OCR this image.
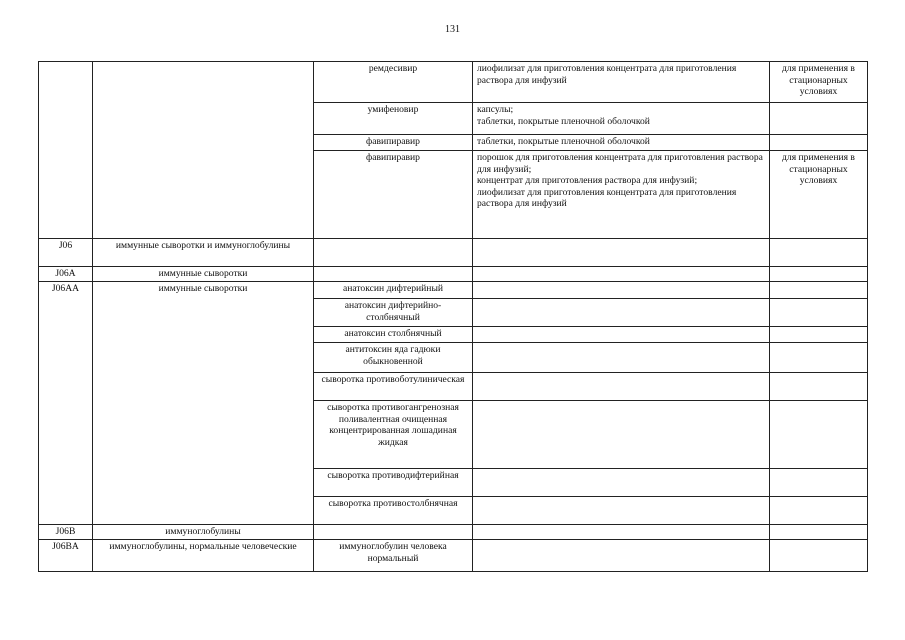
131
		ремдесивир	лиофилизат для приготовления концентрата для приготовления раствора для инфузий	для применения в стационарных условиях
		умифеновир	капсулы;
таблетки, покрытые пленочной оболочкой	

		фавипиравир	таблетки, покрытые пленочной оболочкой	

		фавипиравир	порошок для приготовления концентрата для приготовления раствора для инфузий;
концентрат для приготовления раствора для инфузий;
лиофилизат для приготовления концентрата для приготовления раствора для инфузий	для применения в стационарных условиях
J06	иммунные сыворотки и иммуноглобулины			
J06A	иммунные сыворотки			
J06AA	иммунные сыворотки	анатоксин дифтерийный		
		анатоксин дифтерийно-столбнячный		
		анатоксин столбнячный		
		антитоксин яда гадюки обыкновенной		
		сыворотка противоботулиническая		
		сыворотка противогангренозная поливалентная очищенная концентрированная лошадиная жидкая		
		сыворотка противодифтерийная		
		сыворотка противостолбнячная		
J06B	иммуноглобулины			
J06BA	иммуноглобулины, нормальные человеческие	иммуноглобулин человека нормальный		
